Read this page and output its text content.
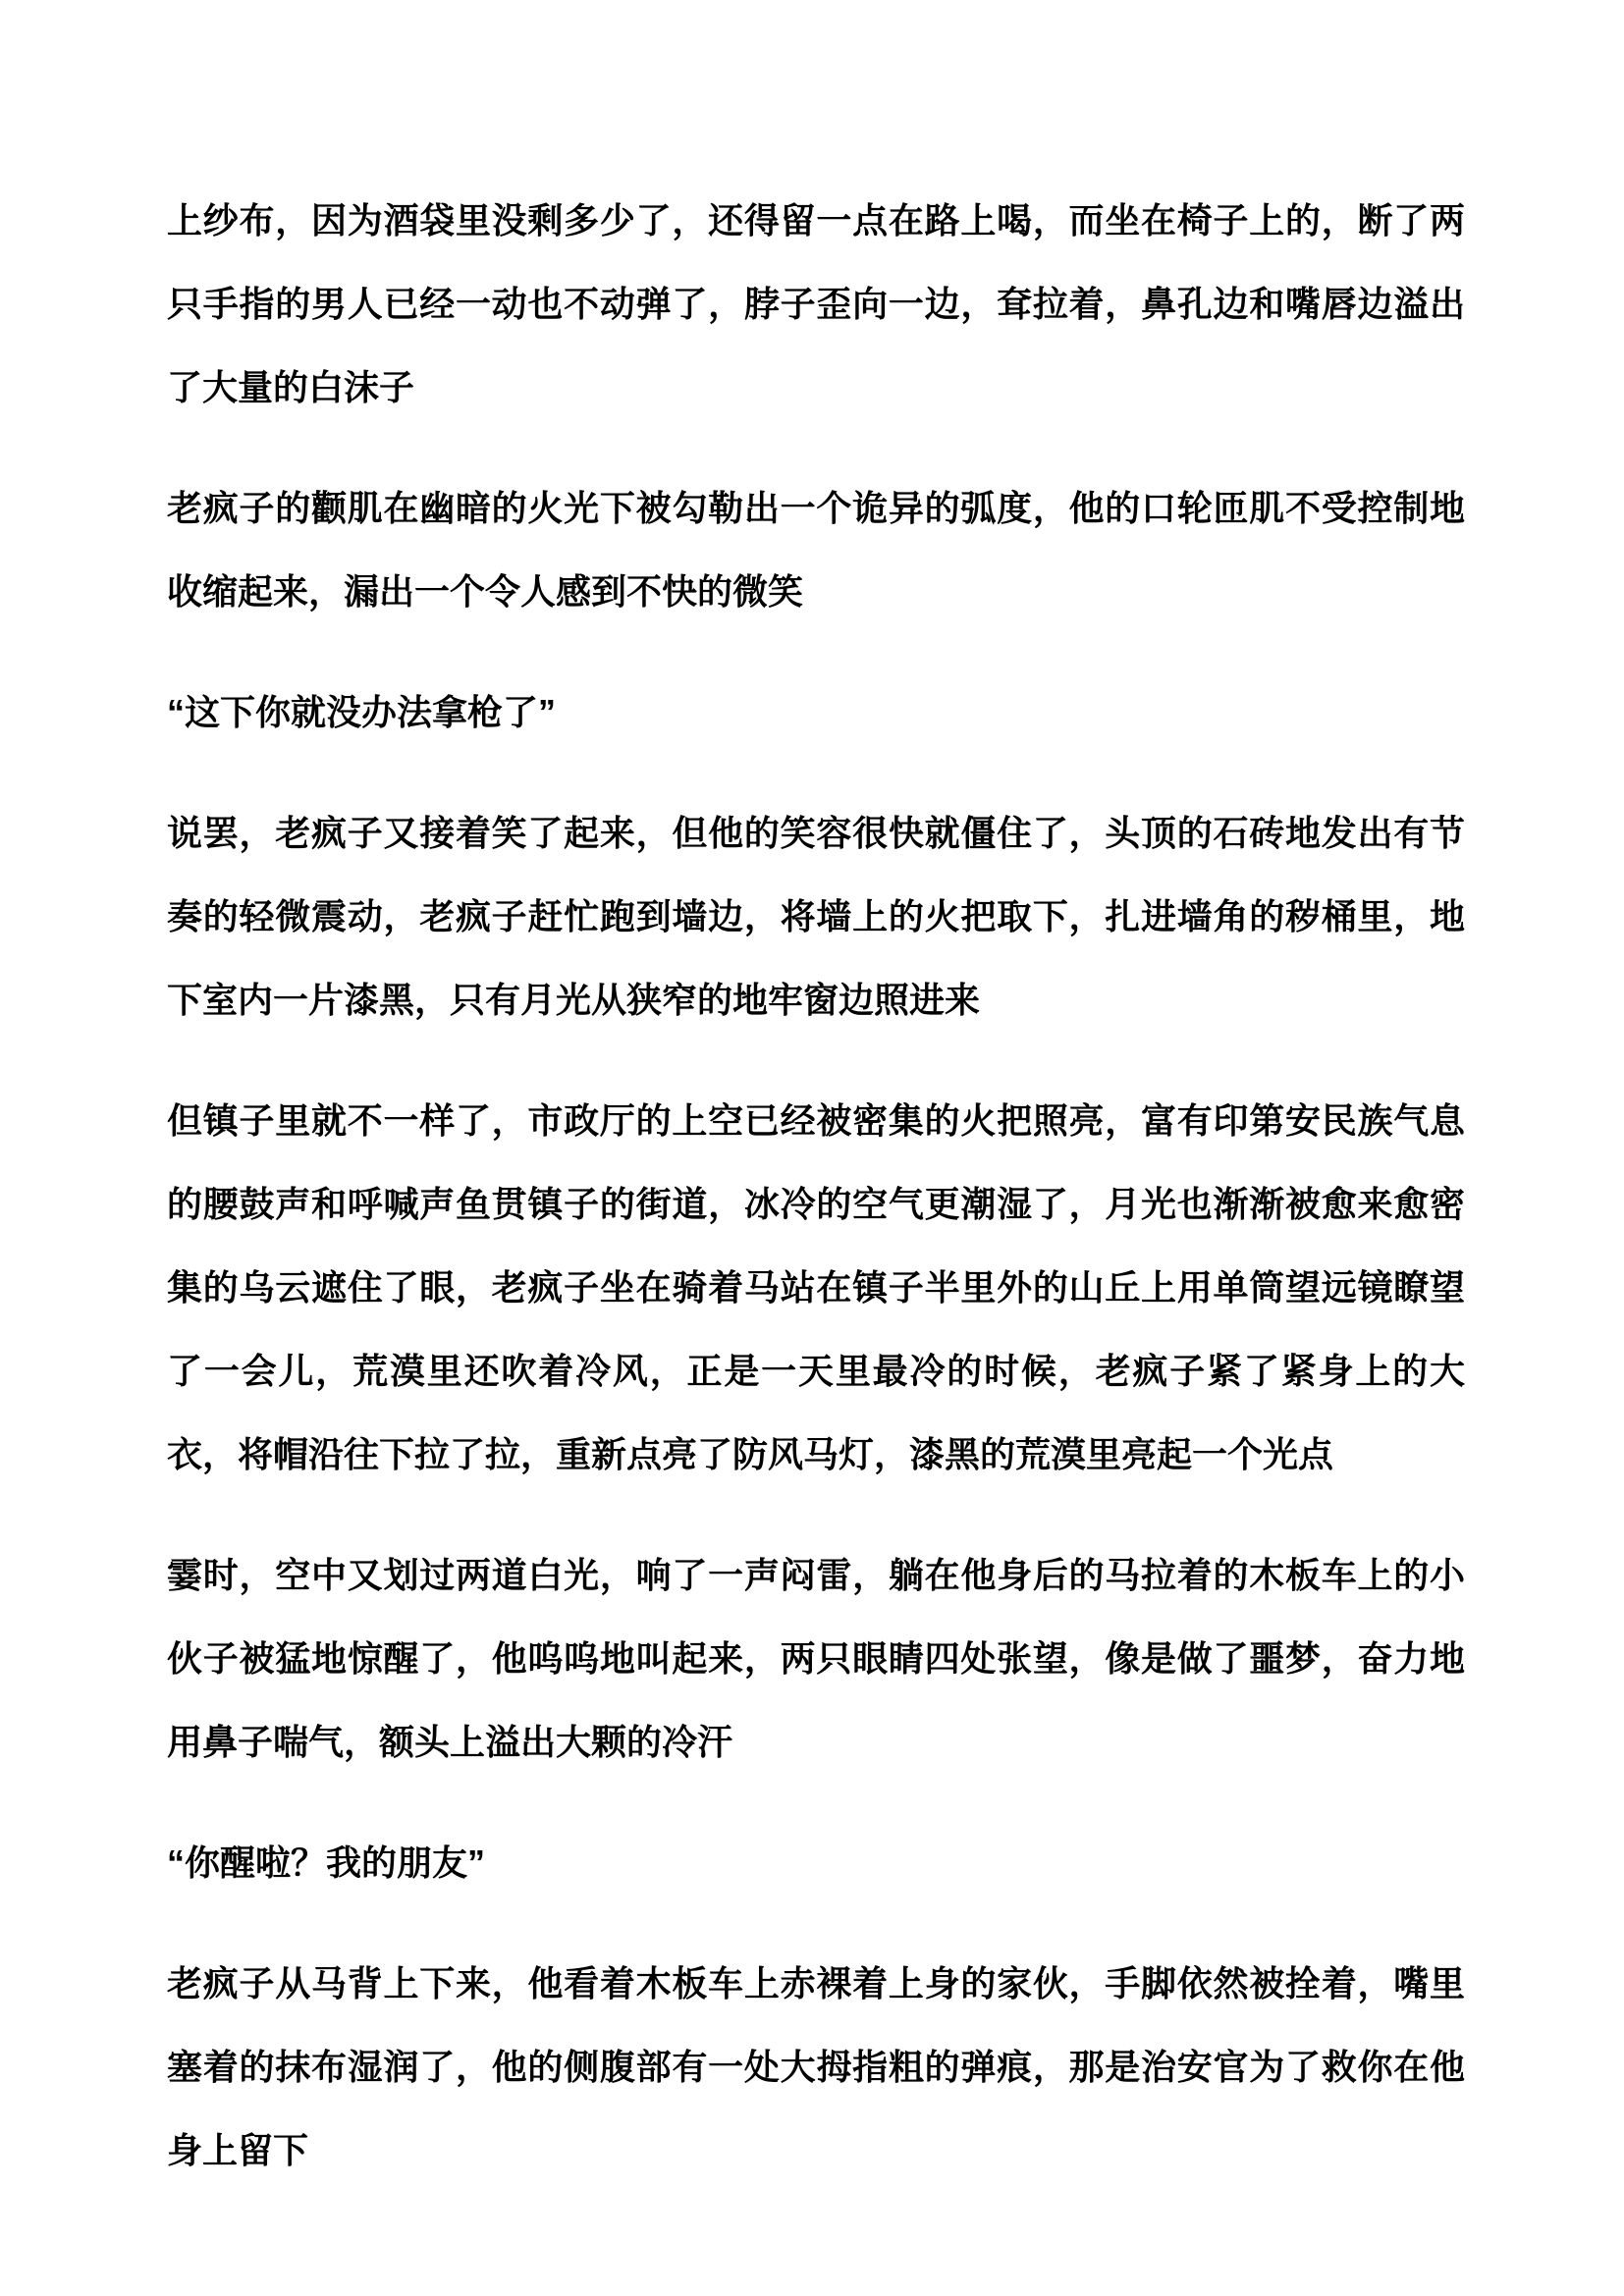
上纱布，因为酒袋里没剩多少了，还得留一点在路上喝，而坐在椅子上的，断了两只手指的男人已经一动也不动弹了，脖子歪向一边，耷拉着，鼻孔边和嘴唇边溢出了大量的白沫子

老疯子的颧肌在幽暗的火光下被勾勒出一个诡异的弧度，他的口轮匝肌不受控制地收缩起来，漏出一个令人感到不快的微笑

“这下你就没办法拿枪了”

说罢，老疯子又接着笑了起来，但他的笑容很快就僵住了，头顶的石砖地发出有节奏的轻微震动，老疯子赶忙跑到墙边，将墙上的火把取下，扎进墙角的秽桶里，地下室内一片漆黑，只有月光从狭窄的地牢窗边照进来

但镇子里就不一样了，市政厅的上空已经被密集的火把照亮，富有印第安民族气息的腰鼓声和呼喊声鱼贯镇子的街道，冰冷的空气更潮湿了，月光也渐渐被愈来愈密集的乌云遮住了眼，老疯子坐在骑着马站在镇子半里外的山丘上用单筒望远镜瞭望了一会儿，荒漠里还吹着冷风，正是一天里最冷的时候，老疯子紧了紧身上的大衣，将帽沿往下拉了拉，重新点亮了防风马灯，漆黑的荒漠里亮起一个光点

霎时，空中又划过两道白光，响了一声闷雷，躺在他身后的马拉着的木板车上的小伙子被猛地惊醒了，他呜呜地叫起来，两只眼睛四处张望，像是做了噩梦，奋力地用鼻子喘气，额头上溢出大颗的冷汗

“你醒啦？我的朋友”

老疯子从马背上下来，他看着木板车上赤裸着上身的家伙，手脚依然被拴着，嘴里塞着的抹布湿润了，他的侧腹部有一处大拇指粗的弹痕，那是治安官为了救你在他身上留下
